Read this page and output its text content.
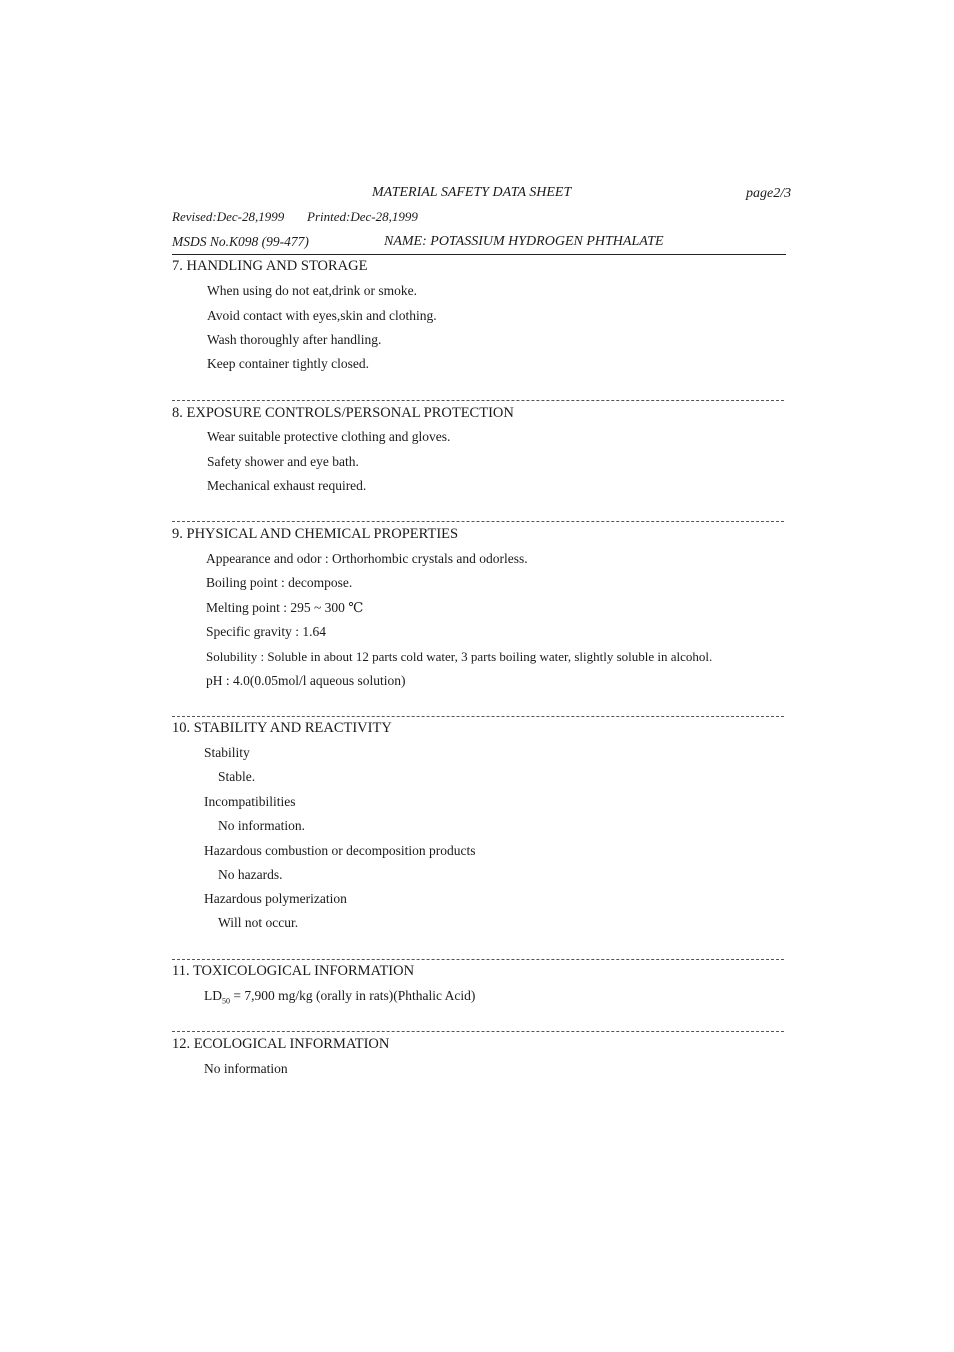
MATERIAL SAFETY DATA SHEET	page2/3
Revised:Dec-28,1999 Printed:Dec-28,1999
MSDS No.K098 (99-477)	NAME: POTASSIUM HYDROGEN PHTHALATE
7. HANDLING AND STORAGE
When using do not eat,drink or smoke.
Avoid contact with eyes,skin and clothing.
Wash thoroughly after handling.
Keep container tightly closed.
8. EXPOSURE CONTROLS/PERSONAL PROTECTION
Wear suitable protective clothing and gloves.
Safety shower and eye bath.
Mechanical exhaust required.
9. PHYSICAL AND CHEMICAL PROPERTIES
Appearance and odor : Orthorhombic crystals and odorless.
Boiling point : decompose.
Melting point : 295 ~ 300 ℃
Specific gravity : 1.64
Solubility : Soluble in about 12 parts cold water, 3 parts boiling water, slightly soluble in alcohol.
pH : 4.0(0.05mol/l aqueous solution)
10. STABILITY AND REACTIVITY
Stability
Stable.
Incompatibilities
No information.
Hazardous combustion or decomposition products
No hazards.
Hazardous polymerization
Will not occur.
11. TOXICOLOGICAL INFORMATION
$LD_{50} = 7,900$ mg/kg (orally in rats)(Phthalic Acid)
12. ECOLOGICAL INFORMATION
No information
